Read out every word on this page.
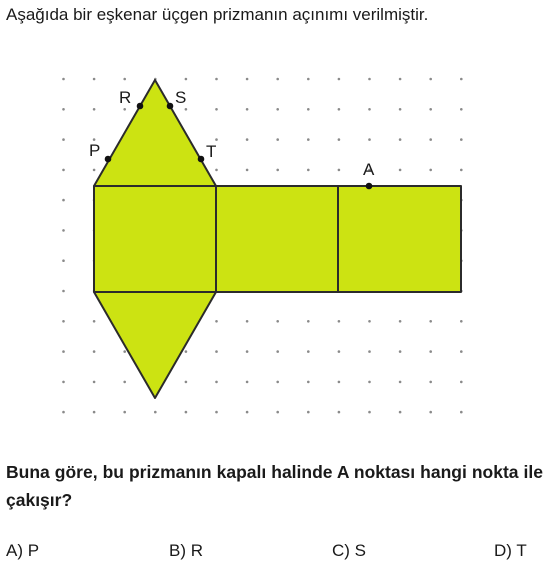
Aşağıda bir eşkenar üçgen prizmanın açınımı verilmiştir.
R	S
P	T
A
Buna göre, bu prizmanın kapalı halinde A noktası hangi nokta ile çakışır?
A) P	B) R	C) S	D) T
